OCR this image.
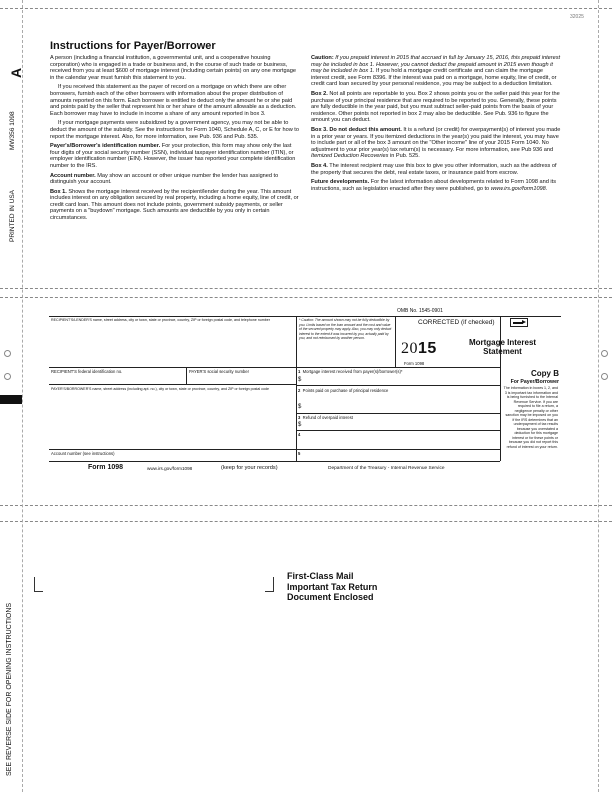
32025
A
MW356 1098
PRINTED IN USA
SEE REVERSE SIDE FOR OPENING INSTRUCTIONS
Instructions for Payer/Borrower

A person (including a financial institution, a governmental unit, and a cooperative housing corporation) who is engaged in a trade or business and, in the course of such trade or business, received from you at least $600 of mortgage interest (including certain points) on any one mortgage in the calendar year must furnish this statement to you.

If you received this statement as the payer of record on a mortgage on which there are other borrowers, furnish each of the other borrowers with information about the proper distribution of amounts reported on this form. Each borrower is entitled to deduct only the amount he or she paid and points paid by the seller that represent his or her share of the amount allowable as a deduction. Each borrower may have to include in income a share of any amount reported in box 3.

If your mortgage payments were subsidized by a government agency, you may not be able to deduct the amount of the subsidy. See the instructions for Form 1040, Schedule A, C, or E for how to report the mortgage interest. Also, for more information, see Pub. 936 and Pub. 535.

Payer's/Borrower's identification number. For your protection, this form may show only the last four digits of your social security number (SSN), individual taxpayer identification number (ITIN), or employer identification number (EIN). However, the issuer has reported your complete identification number to the IRS.

Account number. May show an account or other unique number the lender has assigned to distinguish your account.

Box 1. Shows the mortgage interest received by the recipient/lender during the year. This amount includes interest on any obligation secured by real property, including a home equity, line of credit, or credit card loan. This amount does not include points, government subsidy payments, or seller payments on a "buydown" mortgage. Such amounts are deductible by you only in certain circumstances.

Caution: If you prepaid interest in 2015 that accrued in full by January 15, 2016, this prepaid interest may be included in box 1. However, you cannot deduct the prepaid amount in 2015 even though it may be included in box 1. If you hold a mortgage credit certificate and can claim the mortgage interest credit, see Form 8396. If the interest was paid on a mortgage, home equity, line of credit, or credit card loan secured by your personal residence, you may be subject to a deduction limitation.

Box 2. Not all points are reportable to you. Box 2 shows points you or the seller paid this year for the purchase of your principal residence that are required to be reported to you. Generally, these points are fully deductible in the year paid, but you must subtract seller-paid points from the basis of your residence. Other points not reported in box 2 may also be deductible. See Pub. 936 to figure the amount you can deduct.

Box 3. Do not deduct this amount. It is a refund (or credit) for overpayment(s) of interest you made in a prior year or years. If you itemized deductions in the year(s) you paid the interest, you may have to include part or all of the box 3 amount on the "Other income" line of your 2015 Form 1040. No adjustment to your prior year(s) tax return(s) is necessary. For more information, see Pub 936 and Itemized Deduction Recoveries in Pub. 525.

Box 4. The interest recipient may use this box to give you other information, such as the address of the property that secures the debt, real estate taxes, or insurance paid from escrow.

Future developments. For the latest information about developments related to Form 1098 and its instructions, such as legislation enacted after they were published, go to www.irs.gov/form1098.

OMB No. 1545-0901
RECIPIENT'S/LENDER'S name, street address, city or town, state or province, country, ZIP or foreign postal code, and telephone number	* Caution: The amount shown may not be fully deductible by you. Limits based on the loan amount and the cost and value of the secured property may apply. Also, you may only deduct interest to the extent it was incurred by you, actually paid by you, and not reimbursed by another person.
CORRECTED (if checked)
2015
Form 1098
Mortgage Interest Statement
RECIPIENT'S federal identification no.	PAYER'S social security number	1 Mortgage interest received from payer(s)/borrower(s)*
$
PAYER'S/BORROWER'S name, street address (including apt. no.), city or town, state or province, country, and ZIP or foreign postal code	2 Points paid on purchase of principal residence
$
3 Refund of overpaid interest
$
4
Account number (see instructions)	5
Copy B
For Payer/Borrower
The information in boxes 1, 2, and 3 is important tax information and is being furnished to the Internal Revenue Service. If you are required to file a return, a negligence penalty or other sanction may be imposed on you if the IRS determines that an underpayment of tax results because you overstated a deduction for this mortgage interest or for these points or because you did not report this refund of interest on your return.
Form 1098	www.irs.gov/form1098	(keep for your records)	Department of the Treasury - Internal Revenue Service
First-Class Mail
Important Tax Return
Document Enclosed
